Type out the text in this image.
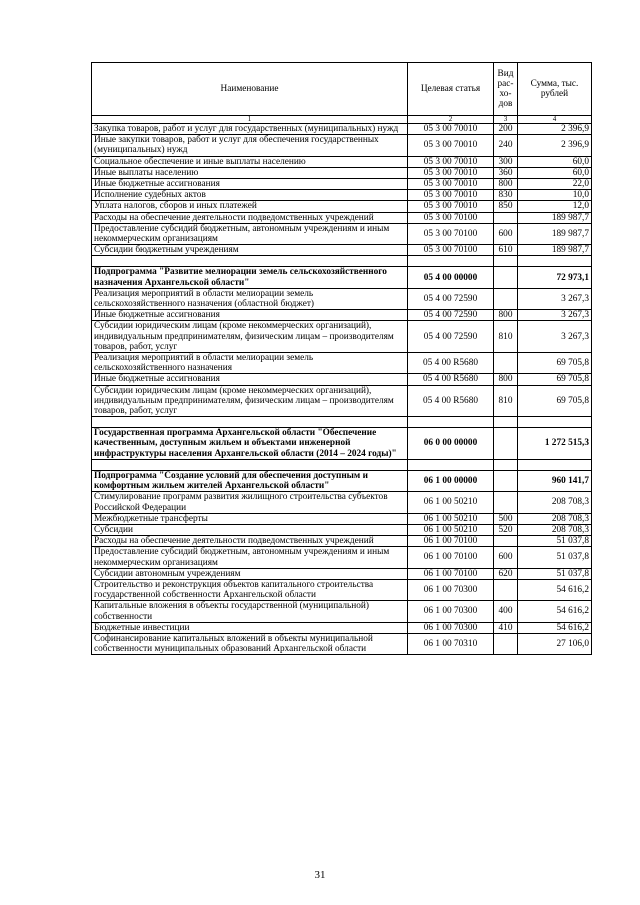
Наименование	Целевая статья	Вид рас-хо-дов	Сумма, тыс. рублей
1	2	3	4
Закупка товаров, работ и услуг для государственных (муниципальных) нужд	05 3 00 70010	200	2 396,9
Иные закупки товаров, работ и услуг для обеспечения государственных (муниципальных) нужд	05 3 00 70010	240	2 396,9
Социальное обеспечение и иные выплаты населению	05 3 00 70010	300	60,0
Иные выплаты населению	05 3 00 70010	360	60,0
Иные бюджетные ассигнования	05 3 00 70010	800	22,0
Исполнение судебных актов	05 3 00 70010	830	10,0
Уплата налогов, сборов и иных платежей	05 3 00 70010	850	12,0
Расходы на обеспечение деятельности подведомственных учреждений	05 3 00 70100		189 987,7
Предоставление субсидий бюджетным, автономным учреждениям и иным некоммерческим организациям	05 3 00 70100	600	189 987,7
Субсидии бюджетным учреждениям	05 3 00 70100	610	189 987,7

Подпрограмма "Развитие мелиорации земель сельскохозяйственного назначения Архангельской области"	05 4 00 00000		72 973,1
Реализация мероприятий в области мелиорации земель сельскохозяйственного назначения (областной бюджет)	05 4 00 72590		3 267,3
Иные бюджетные ассигнования	05 4 00 72590	800	3 267,3
Субсидии юридическим лицам (кроме некоммерческих организаций), индивидуальным предпринимателям, физическим лицам – производителям товаров, работ, услуг	05 4 00 72590	810	3 267,3
Реализация мероприятий в области мелиорации земель сельскохозяйственного назначения	05 4 00 R5680		69 705,8
Иные бюджетные ассигнования	05 4 00 R5680	800	69 705,8
Субсидии юридическим лицам (кроме некоммерческих организаций), индивидуальным предпринимателям, физическим лицам – производителям товаров, работ, услуг	05 4 00 R5680	810	69 705,8

Государственная программа Архангельской области "Обеспечение качественным, доступным жильем и объектами инженерной инфраструктуры населения Архангельской области (2014 – 2024 годы)"	06 0 00 00000		1 272 515,3

Подпрограмма "Создание условий для обеспечения доступным и комфортным жильем жителей Архангельской области"	06 1 00 00000		960 141,7
Стимулирование программ развития жилищного строительства субъектов Российской Федерации	06 1 00 50210		208 708,3
Межбюджетные трансферты	06 1 00 50210	500	208 708,3
Субсидии	06 1 00 50210	520	208 708,3
Расходы на обеспечение деятельности подведомственных учреждений	06 1 00 70100		51 037,8
Предоставление субсидий бюджетным, автономным учреждениям и иным некоммерческим организациям	06 1 00 70100	600	51 037,8
Субсидии автономным учреждениям	06 1 00 70100	620	51 037,8
Строительство и реконструкция объектов капитального строительства государственной собственности Архангельской области	06 1 00 70300		54 616,2
Капитальные вложения в объекты государственной (муниципальной) собственности	06 1 00 70300	400	54 616,2
Бюджетные инвестиции	06 1 00 70300	410	54 616,2
Софинансирование капитальных вложений в объекты муниципальной собственности муниципальных образований Архангельской области	06 1 00 70310		27 106,0
31
